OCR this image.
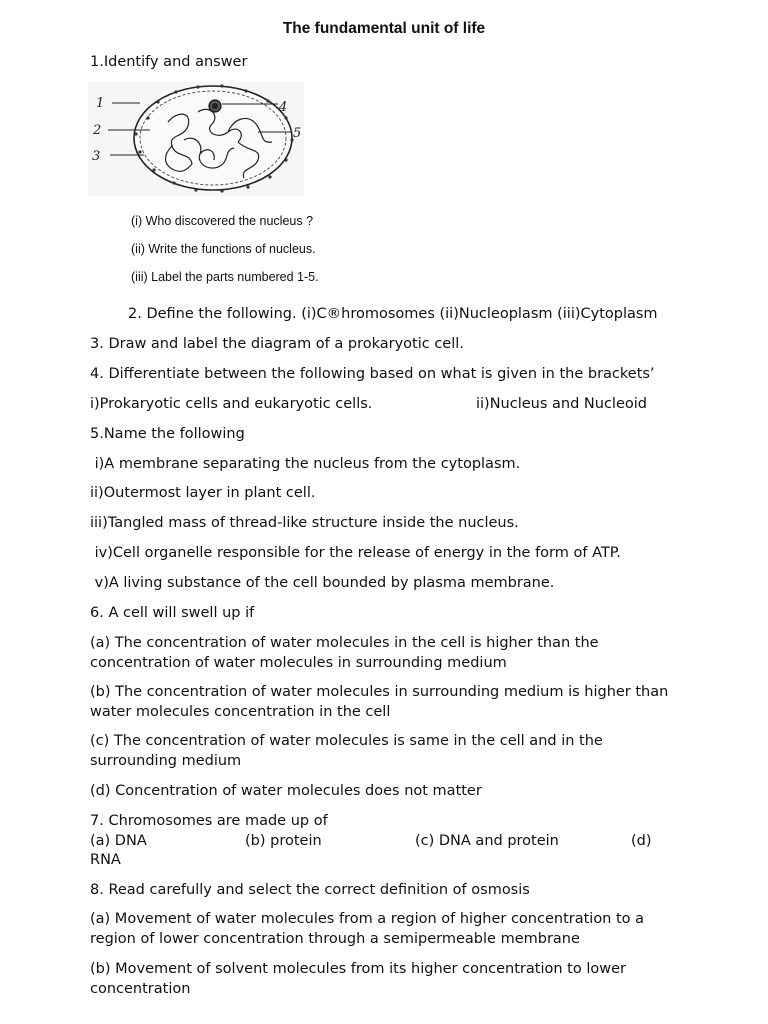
The fundamental unit of life
1.Identify and answer
1
2
3
4
5
(i) Who discovered the nucleus ?
(ii) Write the functions of nucleus.
(iii) Label the parts numbered 1-5.
2. Define the following. (i)C®hromosomes (ii)Nucleoplasm (iii)Cytoplasm
3. Draw and label the diagram of a prokaryotic cell.
4. Differentiate between the following based on what is given in the brackets’
i)Prokaryotic cells and eukaryotic cells.	ii)Nucleus and Nucleoid
5.Name the following
i)A membrane separating the nucleus from the cytoplasm.
ii)Outermost layer in plant cell.
iii)Tangled mass of thread-like structure inside the nucleus.
iv)Cell organelle responsible for the release of energy in the form of ATP.
v)A living substance of the cell bounded by plasma membrane.
6. A cell will swell up if
(a) The concentration of water molecules in the cell is higher than the concentration of water molecules in surrounding medium
(b) The concentration of water molecules in surrounding medium is higher than water molecules concentration in the cell
(c) The concentration of water molecules is same in the cell and in the surrounding medium
(d) Concentration of water molecules does not matter
7. Chromosomes are made up of
(a) DNA	(b) protein	(c) DNA and protein	(d)
RNA
8. Read carefully and select the correct definition of osmosis
(a) Movement of water molecules from a region of higher concentration to a region of lower concentration through a semipermeable membrane
(b) Movement of solvent molecules from its higher concentration to lower concentration
